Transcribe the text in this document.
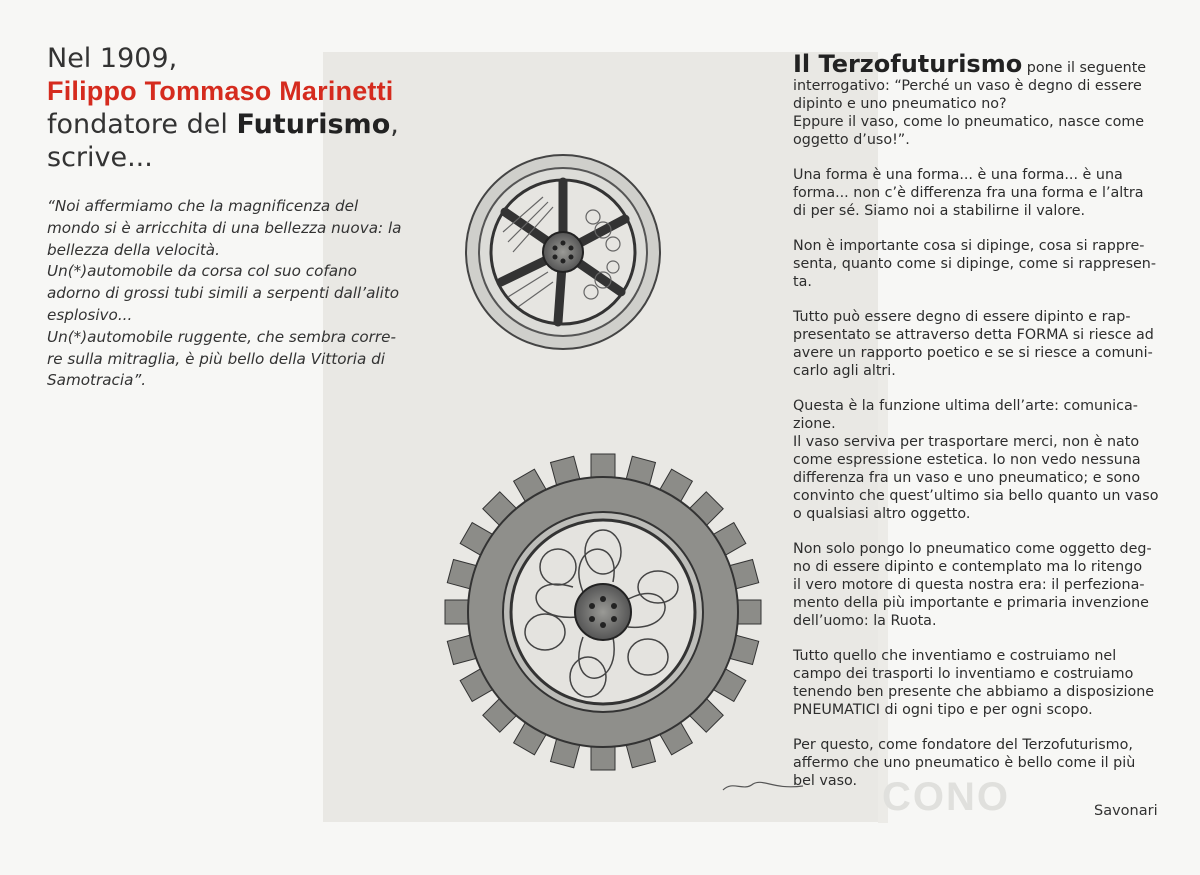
CONO

Nel 1909,
Filippo Tommaso Marinetti
fondatore del Futurismo,
scrive...

“Noi affermiamo che la magnificenza del
mondo si è arricchita di una bellezza nuova: la
bellezza della velocità.
Un(*)automobile da corsa col suo cofano
adorno di grossi tubi simili a serpenti dall’alito
esplosivo...
Un(*)automobile ruggente, che sembra corre-
re sulla mitraglia, è più bello della Vittoria di
Samotracia”.

Il Terzofuturismo pone il seguente
interrogativo: “Perché un vaso è degno di essere
dipinto e uno pneumatico no?
Eppure il vaso, come lo pneumatico, nasce come
oggetto d’uso!”.

Una forma è una forma... è una forma... è una
forma... non c’è differenza fra una forma e l’altra
di per sé. Siamo noi a stabilirne il valore.

Non è importante cosa si dipinge, cosa si rappre-
senta, quanto come si dipinge, come si rappresen-
ta.

Tutto può essere degno di essere dipinto e rap-
presentato se attraverso detta FORMA si riesce ad
avere un rapporto poetico e se si riesce a comuni-
carlo agli altri.

Questa è la funzione ultima dell’arte: comunica-
zione.

Il vaso serviva per trasportare merci, non è nato
come espressione estetica. Io non vedo nessuna
differenza fra un vaso e uno pneumatico; e sono
convinto che quest’ultimo sia bello quanto un vaso
o qualsiasi altro oggetto.

Non solo pongo lo pneumatico come oggetto deg-
no di essere dipinto e contemplato ma lo ritengo
il vero motore di questa nostra era: il perfeziona-
mento della più importante e primaria invenzione
dell’uomo: la Ruota.

Tutto quello che inventiamo e costruiamo nel
campo dei trasporti lo inventiamo e costruiamo
tenendo ben presente che abbiamo a disposizione
PNEUMATICI di ogni tipo e per ogni scopo.

Per questo, come fondatore del Terzofuturismo,
affermo che uno pneumatico è bello come il più
bel vaso.

Savonari
